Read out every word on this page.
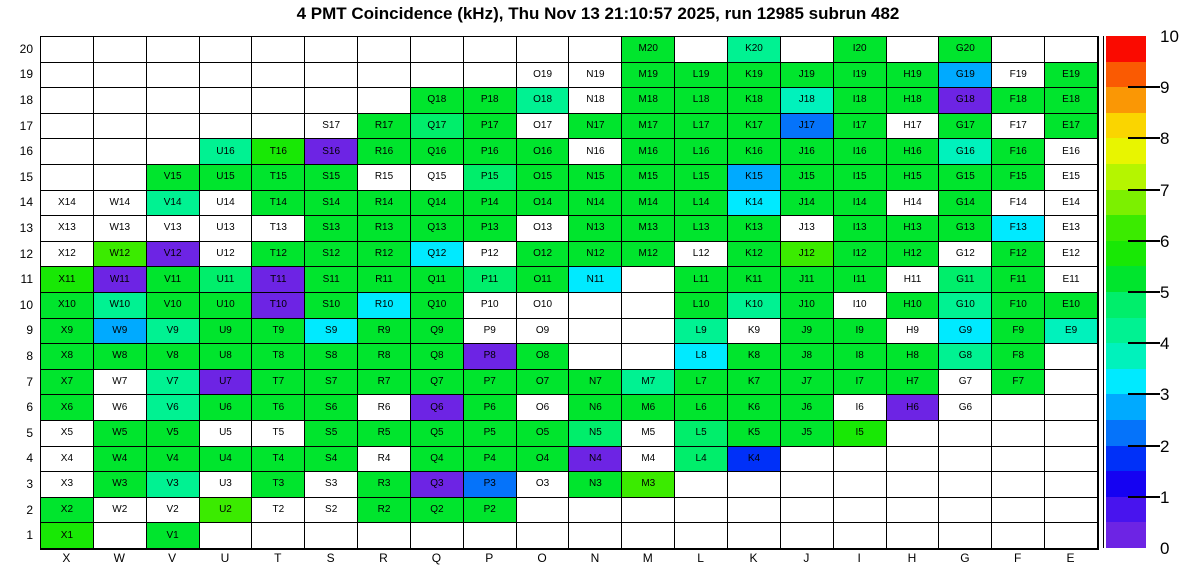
4 PMT Coincidence (kHz), Thu Nov 13 21:10:57 2025, run 12985 subrun 482
M20	K20	I20	G20
O19	N19	M19	L19	K19	J19	I19	H19	G19	F19	E19
Q18	P18	O18	N18	M18	L18	K18	J18	I18	H18	G18	F18	E18
S17	R17	Q17	P17	O17	N17	M17	L17	K17	J17	I17	H17	G17	F17	E17
U16	T16	S16	R16	Q16	P16	O16	N16	M16	L16	K16	J16	I16	H16	G16	F16	E16
V15	U15	T15	S15	R15	Q15	P15	O15	N15	M15	L15	K15	J15	I15	H15	G15	F15	E15
X14	W14	V14	U14	T14	S14	R14	Q14	P14	O14	N14	M14	L14	K14	J14	I14	H14	G14	F14	E14
X13	W13	V13	U13	T13	S13	R13	Q13	P13	O13	N13	M13	L13	K13	J13	I13	H13	G13	F13	E13
X12	W12	V12	U12	T12	S12	R12	Q12	P12	O12	N12	M12	L12	K12	J12	I12	H12	G12	F12	E12
X11	W11	V11	U11	T11	S11	R11	Q11	P11	O11	N11	L11	K11	J11	I11	H11	G11	F11	E11
X10	W10	V10	U10	T10	S10	R10	Q10	P10	O10	L10	K10	J10	I10	H10	G10	F10	E10
X9	W9	V9	U9	T9	S9	R9	Q9	P9	O9	L9	K9	J9	I9	H9	G9	F9	E9
X8	W8	V8	U8	T8	S8	R8	Q8	P8	O8	L8	K8	J8	I8	H8	G8	F8
X7	W7	V7	U7	T7	S7	R7	Q7	P7	O7	N7	M7	L7	K7	J7	I7	H7	G7	F7
X6	W6	V6	U6	T6	S6	R6	Q6	P6	O6	N6	M6	L6	K6	J6	I6	H6	G6
X5	W5	V5	U5	T5	S5	R5	Q5	P5	O5	N5	M5	L5	K5	J5	I5
X4	W4	V4	U4	T4	S4	R4	Q4	P4	O4	N4	M4	L4	K4
X3	W3	V3	U3	T3	S3	R3	Q3	P3	O3	N3	M3
X2	W2	V2	U2	T2	S2	R2	Q2	P2
X1	V1
20
19
18
17
16
15
14
13
12
11
10
9
8
7
6
5
4
3
2
1
X	W	V	U	T	S	R	Q	P	O	N	M	L	K	J	I	H	G	F	E	0
1
2
3
4
5
6
7
8
9
10
